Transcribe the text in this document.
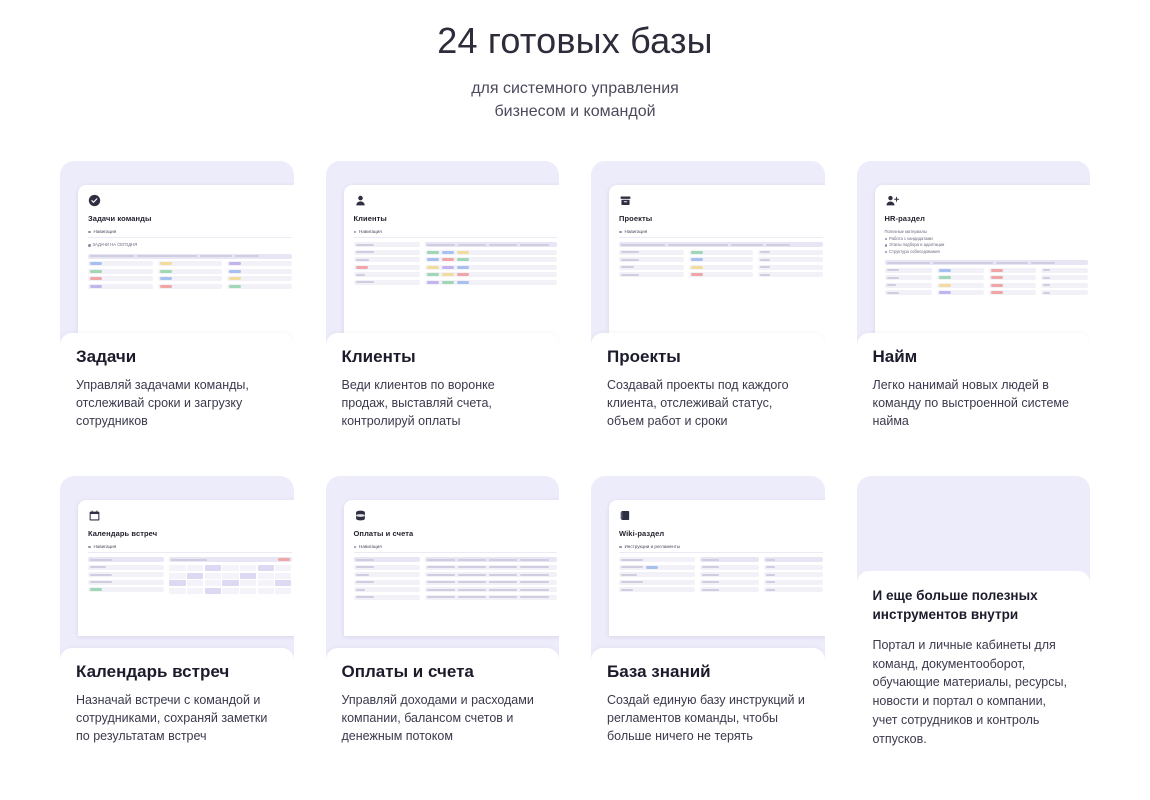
24 готовых базы

для системного управления
бизнесом и командой

Задачи команды
Навигация
ЗАДАЧИ НА СЕГОДНЯ
Задачи

Управляй задачами команды, отслеживай сроки и загрузку сотрудников

Клиенты
Навигация
Клиенты

Веди клиентов по воронке продаж, выставляй счета, контролируй оплаты

Проекты
Навигация
Проекты

Создавай проекты под каждого клиента, отслеживай статус, объем работ и сроки

HR-раздел
Полезные материалы
Работа с кандидатами
Этапы подбора и адаптации
Структура собеседования
Найм

Легко нанимай новых людей в команду по выстроенной системе найма

Календарь встреч
Навигация
Календарь встреч

Назначай встречи с командой и сотрудниками, сохраняй заметки по результатам встреч

Оплаты и счета
Навигация
Оплаты и счета

Управляй доходами и расходами компании, балансом счетов и денежным потоком

Wiki-раздел
Инструкции и регламенты
База знаний

Создай единую базу инструкций и регламентов команды, чтобы больше ничего не терять

И еще больше полезных инструментов внутри

Портал и личные кабинеты для команд, документооборот, обучающие материалы, ресурсы, новости и портал о компании, учет сотрудников и контроль отпусков.
